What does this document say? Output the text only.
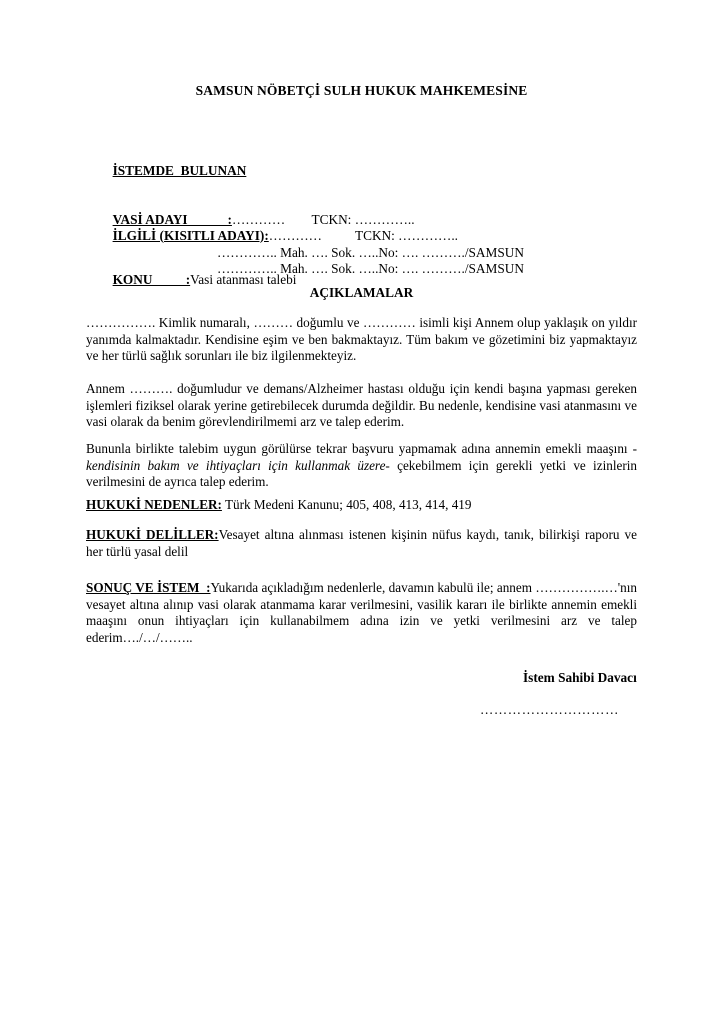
SAMSUN NÖBETÇİ SULH HUKUK MAHKEMESİNE

İSTEMDE  BULUNAN

VASİ ADAYI            :…………        TCKN: …………..

………….. Mah. …. Sok. …..No: …. ………./SAMSUN

İLGİLİ (KISITLI ADAYI):…………          TCKN: …………..

………….. Mah. …. Sok. …..No: …. ………./SAMSUN

KONU          :Vasi atanması talebi

AÇIKLAMALAR
……………. Kimlik numaralı, ……… doğumlu ve ………… isimli kişi Annem olup yaklaşık on yıldır yanımda kalmaktadır. Kendisine eşim ve ben bakmaktayız. Tüm bakım ve gözetimini biz yapmaktayız ve her türlü sağlık sorunları ile biz ilgilenmekteyiz.
Annem ………. doğumludur ve demans/Alzheimer hastası olduğu için kendi başına yapması gereken işlemleri fiziksel olarak yerine getirebilecek durumda değildir. Bu nedenle, kendisine vasi atanmasını ve vasi olarak da benim görevlendirilmemi arz ve talep ederim.
Bununla birlikte talebim uygun görülürse tekrar başvuru yapmamak adına annemin emekli maaşını -kendisinin bakım ve ihtiyaçları için kullanmak üzere- çekebilmem için gerekli yetki ve izinlerin verilmesini de ayrıca talep ederim.
HUKUKİ NEDENLER: Türk Medeni Kanunu; 405, 408, 413, 414, 419
HUKUKİ DELİLLER:Vesayet altına alınması istenen kişinin nüfus kaydı, tanık, bilirkişi raporu ve her türlü yasal delil
SONUÇ VE İSTEM  :Yukarıda açıkladığım nedenlerle, davamın kabulü ile; annem …………….…'nın vesayet altına alınıp vasi olarak atanmama karar verilmesini, vasilik kararı ile birlikte annemin emekli maaşını onun ihtiyaçları için kullanabilmem adına izin ve yetki verilmesini arz ve talep ederim…./…/……..
İstem Sahibi Davacı
…………………………
